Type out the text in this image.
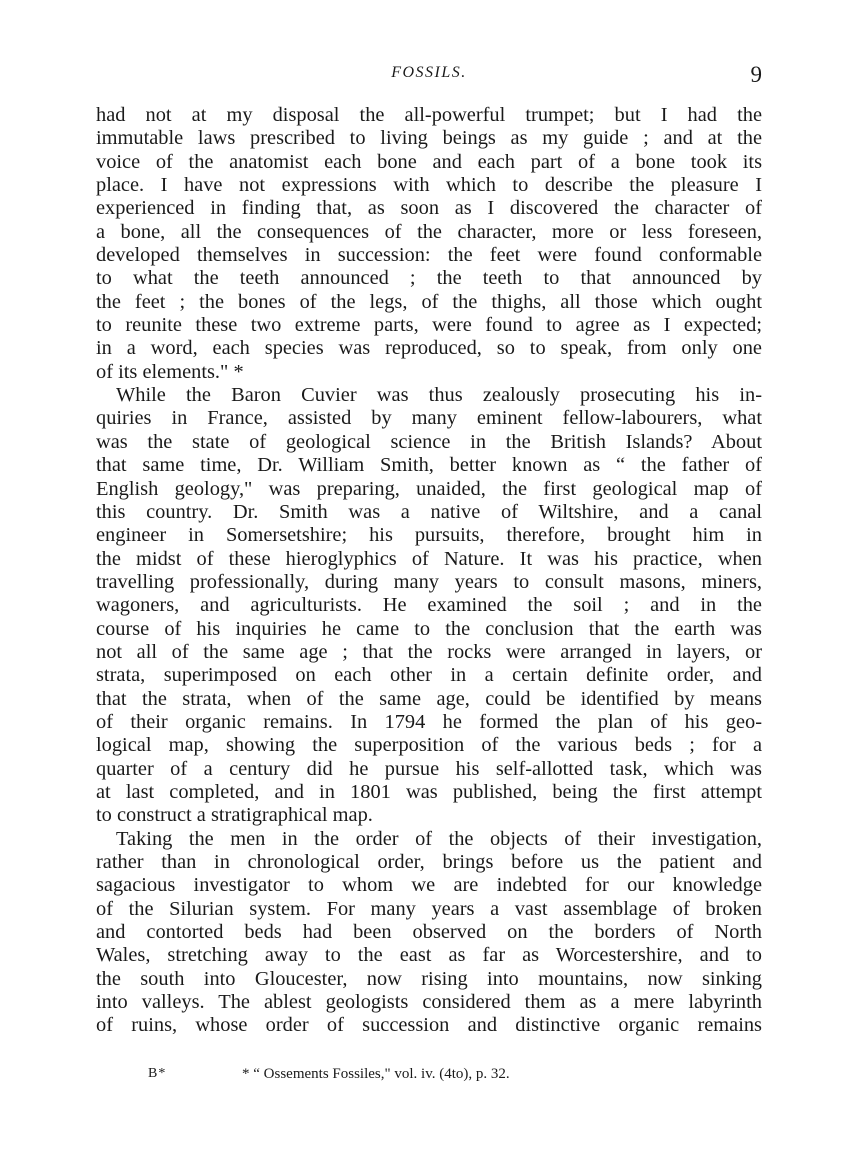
FOSSILS.	9
had not at my disposal the all-powerful trumpet; but I had the
immutable laws prescribed to living beings as my guide ; and at the
voice of the anatomist each bone and each part of a bone took its
place. I have not expressions with which to describe the pleasure I
experienced in finding that, as soon as I discovered the character of
a bone, all the consequences of the character, more or less foreseen,
developed themselves in succession: the feet were found conformable
to what the teeth announced ; the teeth to that announced by
the feet ; the bones of the legs, of the thighs, all those which ought
to reunite these two extreme parts, were found to agree as I expected;
in a word, each species was reproduced, so to speak, from only one
of its elements." *
While the Baron Cuvier was thus zealously prosecuting his in-
quiries in France, assisted by many eminent fellow-labourers, what
was the state of geological science in the British Islands? About
that same time, Dr. William Smith, better known as “ the father of
English geology," was preparing, unaided, the first geological map of
this country. Dr. Smith was a native of Wiltshire, and a canal
engineer in Somersetshire; his pursuits, therefore, brought him in
the midst of these hieroglyphics of Nature. It was his practice, when
travelling professionally, during many years to consult masons, miners,
wagoners, and agriculturists. He examined the soil ; and in the
course of his inquiries he came to the conclusion that the earth was
not all of the same age ; that the rocks were arranged in layers, or
strata, superimposed on each other in a certain definite order, and
that the strata, when of the same age, could be identified by means
of their organic remains. In 1794 he formed the plan of his geo-
logical map, showing the superposition of the various beds ; for a
quarter of a century did he pursue his self-allotted task, which was
at last completed, and in 1801 was published, being the first attempt
to construct a stratigraphical map.
Taking the men in the order of the objects of their investigation,
rather than in chronological order, brings before us the patient and
sagacious investigator to whom we are indebted for our knowledge
of the Silurian system. For many years a vast assemblage of broken
and contorted beds had been observed on the borders of North
Wales, stretching away to the east as far as Worcestershire, and to
the south into Gloucester, now rising into mountains, now sinking
into valleys. The ablest geologists considered them as a mere labyrinth
of ruins, whose order of succession and distinctive organic remains
B*	* “ Ossements Fossiles," vol. iv. (4to), p. 32.
